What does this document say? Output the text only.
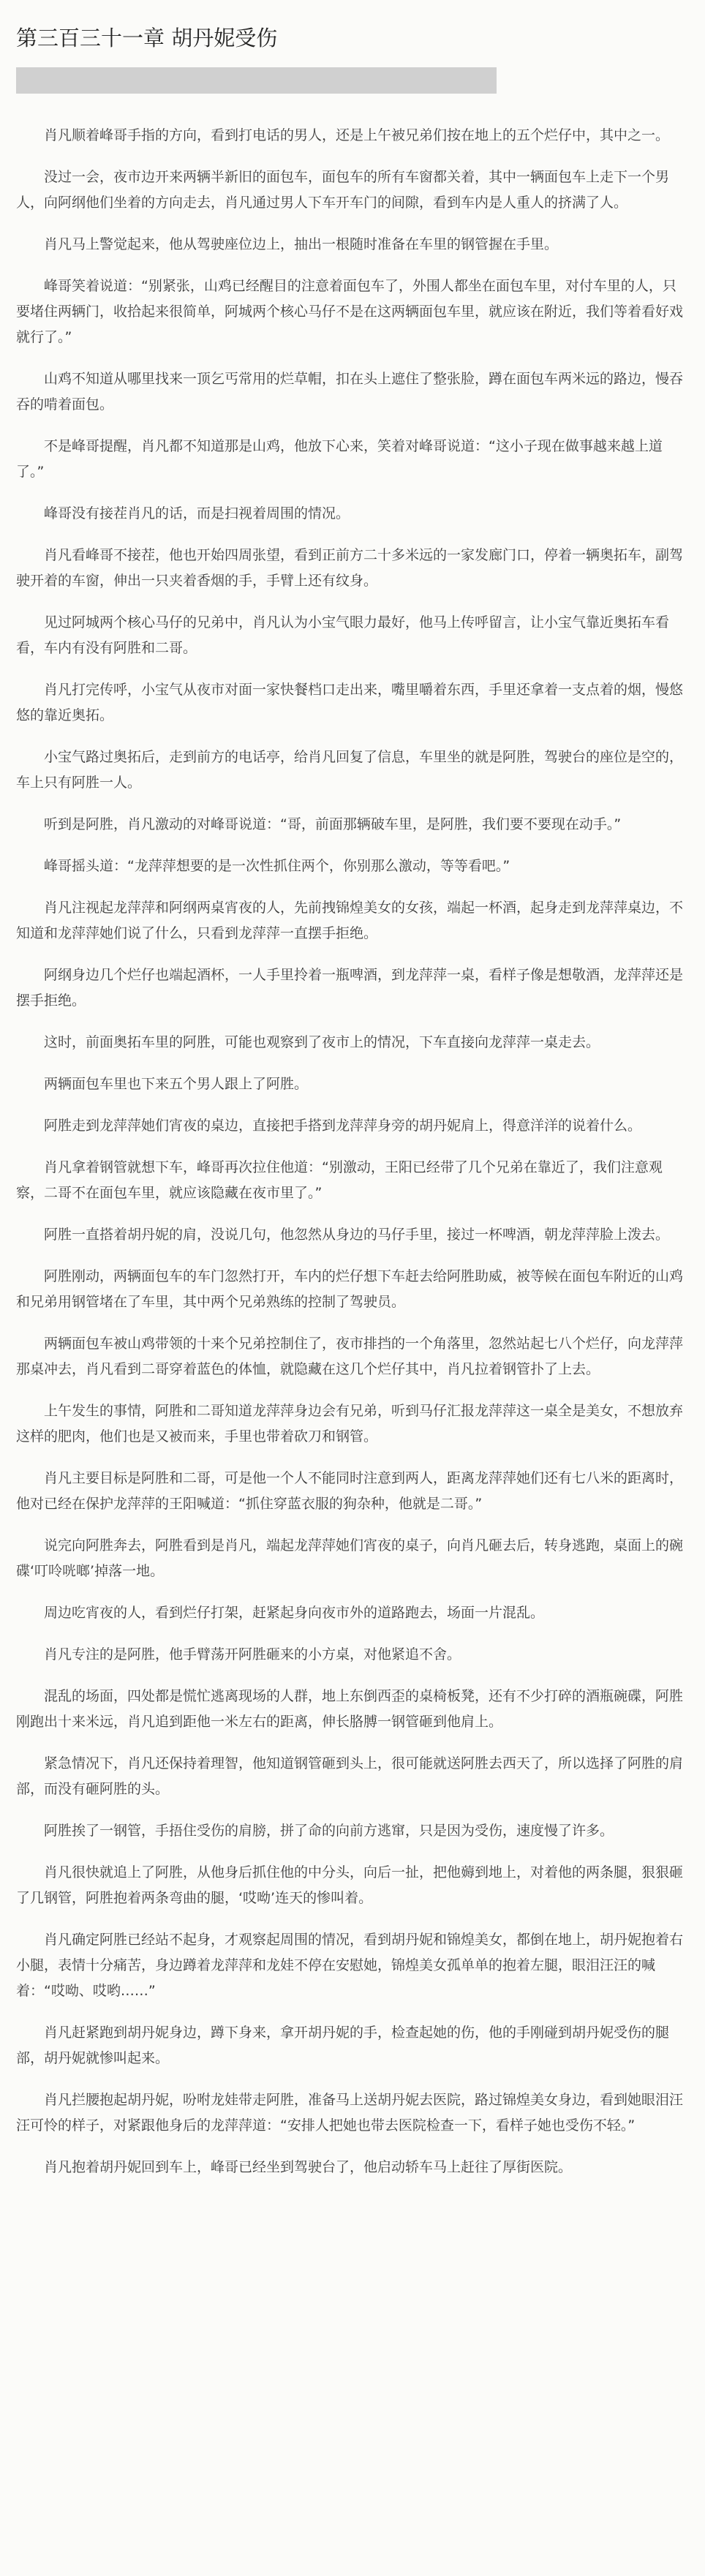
第三百三十一章 胡丹妮受伤

肖凡顺着峰哥手指的方向，看到打电话的男人，还是上午被兄弟们按在地上的五个烂仔中，其中之一。

没过一会，夜市边开来两辆半新旧的面包车，面包车的所有车窗都关着，其中一辆面包车上走下一个男人，向阿纲他们坐着的方向走去，肖凡通过男人下车开车门的间隙，看到车内是人重人的挤满了人。

肖凡马上警觉起来，他从驾驶座位边上，抽出一根随时准备在车里的钢管握在手里。

峰哥笑着说道：“别紧张，山鸡已经醒目的注意着面包车了，外围人都坐在面包车里，对付车里的人，只要堵住两辆门，收拾起来很简单，阿城两个核心马仔不是在这两辆面包车里，就应该在附近，我们等着看好戏就行了。”

山鸡不知道从哪里找来一顶乞丐常用的烂草帽，扣在头上遮住了整张脸，蹲在面包车两米远的路边，慢吞吞的啃着面包。

不是峰哥提醒，肖凡都不知道那是山鸡，他放下心来，笑着对峰哥说道：“这小子现在做事越来越上道了。”

峰哥没有接茬肖凡的话，而是扫视着周围的情况。

肖凡看峰哥不接茬，他也开始四周张望，看到正前方二十多米远的一家发廊门口，停着一辆奥拓车，副驾驶开着的车窗，伸出一只夹着香烟的手，手臂上还有纹身。

见过阿城两个核心马仔的兄弟中，肖凡认为小宝气眼力最好，他马上传呼留言，让小宝气靠近奥拓车看看，车内有没有阿胜和二哥。

肖凡打完传呼，小宝气从夜市对面一家快餐档口走出来，嘴里嚼着东西，手里还拿着一支点着的烟，慢悠悠的靠近奥拓。

小宝气路过奥拓后，走到前方的电话亭，给肖凡回复了信息，车里坐的就是阿胜，驾驶台的座位是空的，车上只有阿胜一人。

听到是阿胜，肖凡激动的对峰哥说道：“哥，前面那辆破车里，是阿胜，我们要不要现在动手。”

峰哥摇头道：“龙萍萍想要的是一次性抓住两个，你别那么激动，等等看吧。”

肖凡注视起龙萍萍和阿纲两桌宵夜的人，先前拽锦煌美女的女孩，端起一杯酒，起身走到龙萍萍桌边，不知道和龙萍萍她们说了什么，只看到龙萍萍一直摆手拒绝。

阿纲身边几个烂仔也端起酒杯，一人手里拎着一瓶啤酒，到龙萍萍一桌，看样子像是想敬酒，龙萍萍还是摆手拒绝。

这时，前面奥拓车里的阿胜，可能也观察到了夜市上的情况，下车直接向龙萍萍一桌走去。

两辆面包车里也下来五个男人跟上了阿胜。

阿胜走到龙萍萍她们宵夜的桌边，直接把手搭到龙萍萍身旁的胡丹妮肩上，得意洋洋的说着什么。

肖凡拿着钢管就想下车，峰哥再次拉住他道：“别激动，王阳已经带了几个兄弟在靠近了，我们注意观察，二哥不在面包车里，就应该隐藏在夜市里了。”

阿胜一直搭着胡丹妮的肩，没说几句，他忽然从身边的马仔手里，接过一杯啤酒，朝龙萍萍脸上泼去。

阿胜刚动，两辆面包车的车门忽然打开，车内的烂仔想下车赶去给阿胜助威，被等候在面包车附近的山鸡和兄弟用钢管堵在了车里，其中两个兄弟熟练的控制了驾驶员。

两辆面包车被山鸡带领的十来个兄弟控制住了，夜市排挡的一个角落里，忽然站起七八个烂仔，向龙萍萍那桌冲去，肖凡看到二哥穿着蓝色的体恤，就隐藏在这几个烂仔其中，肖凡拉着钢管扑了上去。

上午发生的事情，阿胜和二哥知道龙萍萍身边会有兄弟，听到马仔汇报龙萍萍这一桌全是美女，不想放弃这样的肥肉，他们也是又被而来，手里也带着砍刀和钢管。

肖凡主要目标是阿胜和二哥，可是他一个人不能同时注意到两人，距离龙萍萍她们还有七八米的距离时，他对已经在保护龙萍萍的王阳喊道：“抓住穿蓝衣服的狗杂种，他就是二哥。”

说完向阿胜奔去，阿胜看到是肖凡，端起龙萍萍她们宵夜的桌子，向肖凡砸去后，转身逃跑，桌面上的碗碟‘叮呤咣啷’掉落一地。

周边吃宵夜的人，看到烂仔打架，赶紧起身向夜市外的道路跑去，场面一片混乱。

肖凡专注的是阿胜，他手臂荡开阿胜砸来的小方桌，对他紧追不舍。

混乱的场面，四处都是慌忙逃离现场的人群，地上东倒西歪的桌椅板凳，还有不少打碎的酒瓶碗碟，阿胜刚跑出十来米远，肖凡追到距他一米左右的距离，伸长胳膊一钢管砸到他肩上。

紧急情况下，肖凡还保持着理智，他知道钢管砸到头上，很可能就送阿胜去西天了，所以选择了阿胜的肩部，而没有砸阿胜的头。

阿胜挨了一钢管，手捂住受伤的肩膀，拼了命的向前方逃窜，只是因为受伤，速度慢了许多。

肖凡很快就追上了阿胜，从他身后抓住他的中分头，向后一扯，把他薅到地上，对着他的两条腿，狠狠砸了几钢管，阿胜抱着两条弯曲的腿，‘哎呦’连天的惨叫着。

肖凡确定阿胜已经站不起身，才观察起周围的情况，看到胡丹妮和锦煌美女，都倒在地上，胡丹妮抱着右小腿，表情十分痛苦，身边蹲着龙萍萍和龙娃不停在安慰她，锦煌美女孤单单的抱着左腿，眼泪汪汪的喊着：“哎呦、哎哟……”

肖凡赶紧跑到胡丹妮身边，蹲下身来，拿开胡丹妮的手，检查起她的伤，他的手刚碰到胡丹妮受伤的腿部，胡丹妮就惨叫起来。

肖凡拦腰抱起胡丹妮，吩咐龙娃带走阿胜，准备马上送胡丹妮去医院，路过锦煌美女身边，看到她眼泪汪汪可怜的样子，对紧跟他身后的龙萍萍道：“安排人把她也带去医院检查一下，看样子她也受伤不轻。”

肖凡抱着胡丹妮回到车上，峰哥已经坐到驾驶台了，他启动轿车马上赶往了厚街医院。
